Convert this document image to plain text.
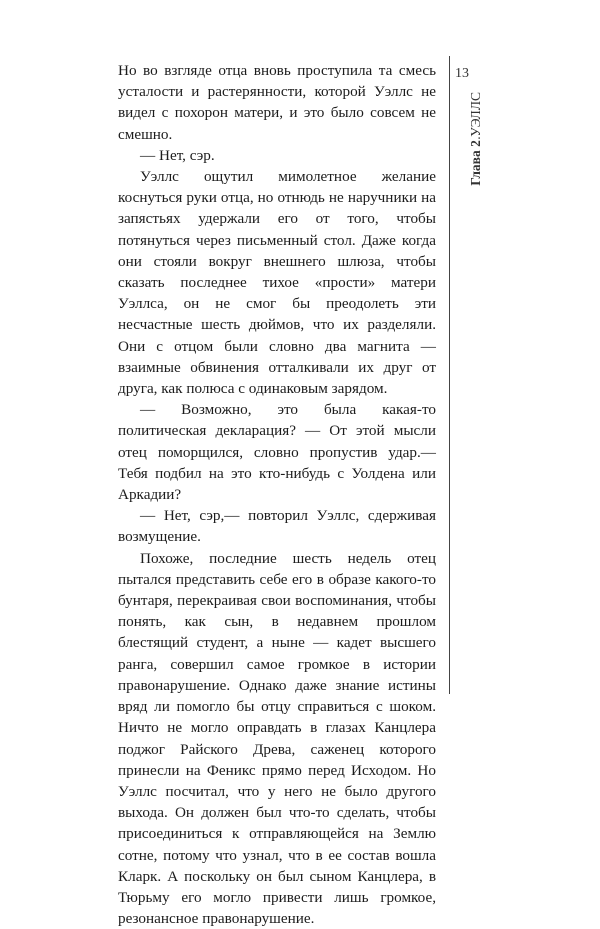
Но во взгляде отца вновь проступила та смесь усталости и растерянности, которой Уэллс не видел с похорон матери, и это было совсем не смешно.

— Нет, сэр.

Уэллс ощутил мимолетное желание коснуться руки отца, но отнюдь не наручники на запястьях удержали его от того, чтобы потянуться через письменный стол. Даже когда они стояли вокруг внешнего шлюза, чтобы сказать последнее тихое «прости» матери Уэллса, он не смог бы преодолеть эти несчастные шесть дюймов, что их разделяли. Они с отцом были словно два магнита — взаимные обвинения отталкивали их друг от друга, как полюса с одинаковым зарядом.

— Возможно, это была какая-то политическая декларация? — От этой мысли отец поморщился, словно пропустив удар.— Тебя подбил на это кто-нибудь с Уолдена или Аркадии?

— Нет, сэр,— повторил Уэллс, сдерживая возмущение.

Похоже, последние шесть недель отец пытался представить себе его в образе какого-то бунтаря, перекраивая свои воспоминания, чтобы понять, как сын, в недавнем прошлом блестящий студент, а ныне — кадет высшего ранга, совершил самое громкое в истории правонарушение. Однако даже знание истины вряд ли помогло бы отцу справиться с шоком. Ничто не могло оправдать в глазах Канцлера поджог Райского Древа, саженец которого принесли на Феникс прямо перед Исходом. Но Уэллс посчитал, что у него не было другого выхода. Он должен был что-то сделать, чтобы присоединиться к отправляющейся на Землю сотне, потому что узнал, что в ее состав вошла Кларк. А поскольку он был сыном Канцлера, в Тюрьму его могло привести лишь громкое, резонансное правонарушение.

13
Глава 2.УЭЛЛС
